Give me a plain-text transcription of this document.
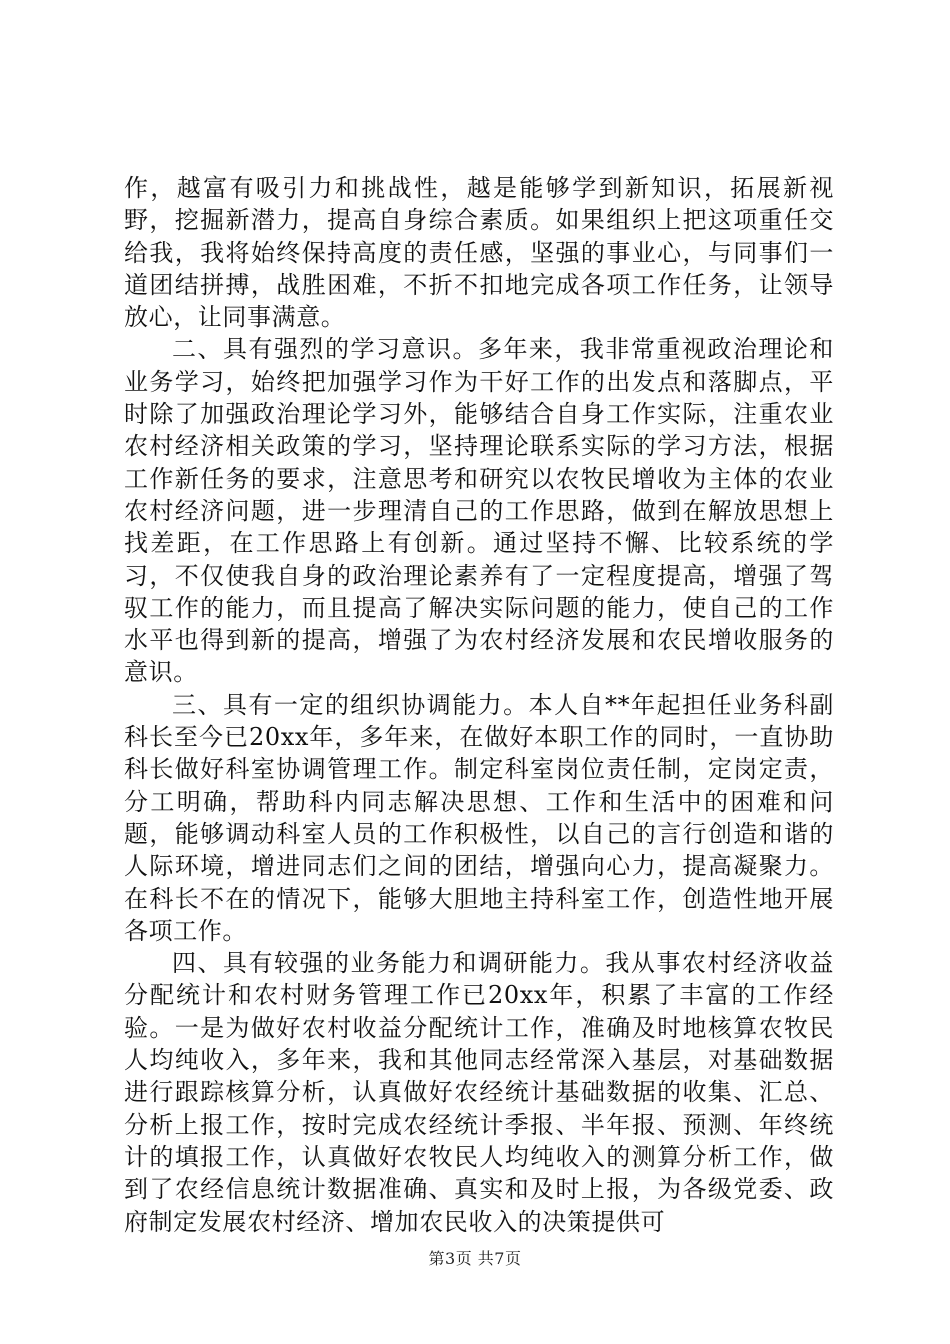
作，越富有吸引力和挑战性，越是能够学到新知识，拓展新视野，挖掘新潜力，提高自身综合素质。如果组织上把这项重任交给我，我将始终保持高度的责任感，坚强的事业心，与同事们一道团结拼搏，战胜困难，不折不扣地完成各项工作任务，让领导放心，让同事满意。

二、具有强烈的学习意识。多年来，我非常重视政治理论和业务学习，始终把加强学习作为干好工作的出发点和落脚点，平时除了加强政治理论学习外，能够结合自身工作实际，注重农业农村经济相关政策的学习，坚持理论联系实际的学习方法，根据工作新任务的要求，注意思考和研究以农牧民增收为主体的农业农村经济问题，进一步理清自己的工作思路，做到在解放思想上找差距，在工作思路上有创新。通过坚持不懈、比较系统的学习，不仅使我自身的政治理论素养有了一定程度提高，增强了驾驭工作的能力，而且提高了解决实际问题的能力，使自己的工作水平也得到新的提高，增强了为农村经济发展和农民增收服务的意识。

三、具有一定的组织协调能力。本人自**年起担任业务科副科长至今已20xx年，多年来，在做好本职工作的同时，一直协助科长做好科室协调管理工作。制定科室岗位责任制，定岗定责，分工明确，帮助科内同志解决思想、工作和生活中的困难和问题，能够调动科室人员的工作积极性，以自己的言行创造和谐的人际环境，增进同志们之间的团结，增强向心力，提高凝聚力。在科长不在的情况下，能够大胆地主持科室工作，创造性地开展各项工作。

四、具有较强的业务能力和调研能力。我从事农村经济收益分配统计和农村财务管理工作已20xx年，积累了丰富的工作经验。一是为做好农村收益分配统计工作，准确及时地核算农牧民人均纯收入，多年来，我和其他同志经常深入基层，对基础数据进行跟踪核算分析，认真做好农经统计基础数据的收集、汇总、分析上报工作，按时完成农经统计季报、半年报、预测、年终统计的填报工作，认真做好农牧民人均纯收入的测算分析工作，做到了农经信息统计数据准确、真实和及时上报，为各级党委、政府制定发展农村经济、增加农民收入的决策提供可

第3页 共7页
